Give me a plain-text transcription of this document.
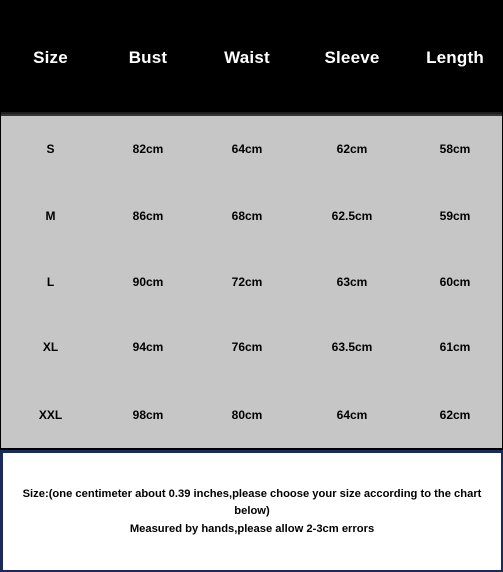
Size	Bust	Waist	Sleeve	Length
S	82cm	64cm	62cm	58cm
M	86cm	68cm	62.5cm	59cm
L	90cm	72cm	63cm	60cm
XL	94cm	76cm	63.5cm	61cm
XXL	98cm	80cm	64cm	62cm
Size:(one centimeter about 0.39 inches,please choose your size according to the chart below)
Measured by hands,please allow 2-3cm errors
